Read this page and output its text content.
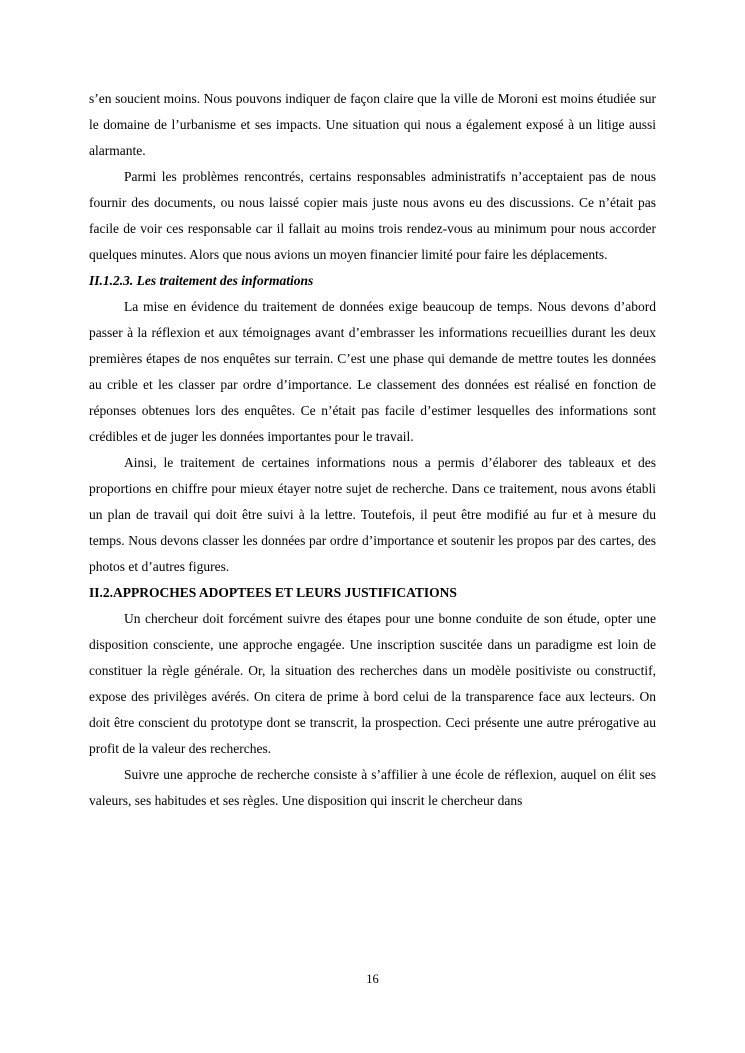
s’en soucient moins. Nous pouvons indiquer de façon claire que la ville de Moroni est moins étudiée sur le domaine de l’urbanisme et ses impacts. Une situation qui nous a également exposé à un litige aussi alarmante.

Parmi les problèmes rencontrés, certains responsables administratifs n’acceptaient pas de nous fournir des documents, ou nous laissé copier mais juste nous avons eu des discussions. Ce n’était pas facile de voir ces responsable car il fallait au moins trois rendez-vous au minimum pour nous accorder quelques minutes. Alors que nous avions un moyen financier limité pour faire les déplacements.

II.1.2.3. Les traitement des informations

La mise en évidence du traitement de données exige beaucoup de temps. Nous devons d’abord passer à la réflexion et aux témoignages avant d’embrasser les informations recueillies durant les deux premières étapes de nos enquêtes sur terrain. C’est une phase qui demande de mettre toutes les données au crible et les classer par ordre d’importance. Le classement des données est réalisé en fonction de réponses obtenues lors des enquêtes. Ce n’était pas facile d’estimer lesquelles des informations sont crédibles et de juger les données importantes pour le travail.

Ainsi, le traitement de certaines informations nous a permis d’élaborer des tableaux et des proportions en chiffre pour mieux étayer notre sujet de recherche. Dans ce traitement, nous avons établi un plan de travail qui doit être suivi à la lettre. Toutefois, il peut être modifié au fur et à mesure du temps. Nous devons classer les données par ordre d’importance et soutenir les propos par des cartes, des photos et d’autres figures.

II.2.APPROCHES ADOPTEES ET LEURS JUSTIFICATIONS

Un chercheur doit forcément suivre des étapes pour une bonne conduite de son étude, opter une disposition consciente, une approche engagée. Une inscription suscitée dans un paradigme est loin de constituer la règle générale. Or, la situation des recherches dans un modèle positiviste ou constructif, expose des privilèges avérés. On citera de prime à bord celui de la transparence face aux lecteurs. On doit être conscient du prototype dont se transcrit, la prospection. Ceci présente une autre prérogative au profit de la valeur des recherches.

Suivre une approche de recherche consiste à s’affilier à une école de réflexion, auquel on élit ses valeurs, ses habitudes et ses règles. Une disposition qui inscrit le chercheur dans

16
